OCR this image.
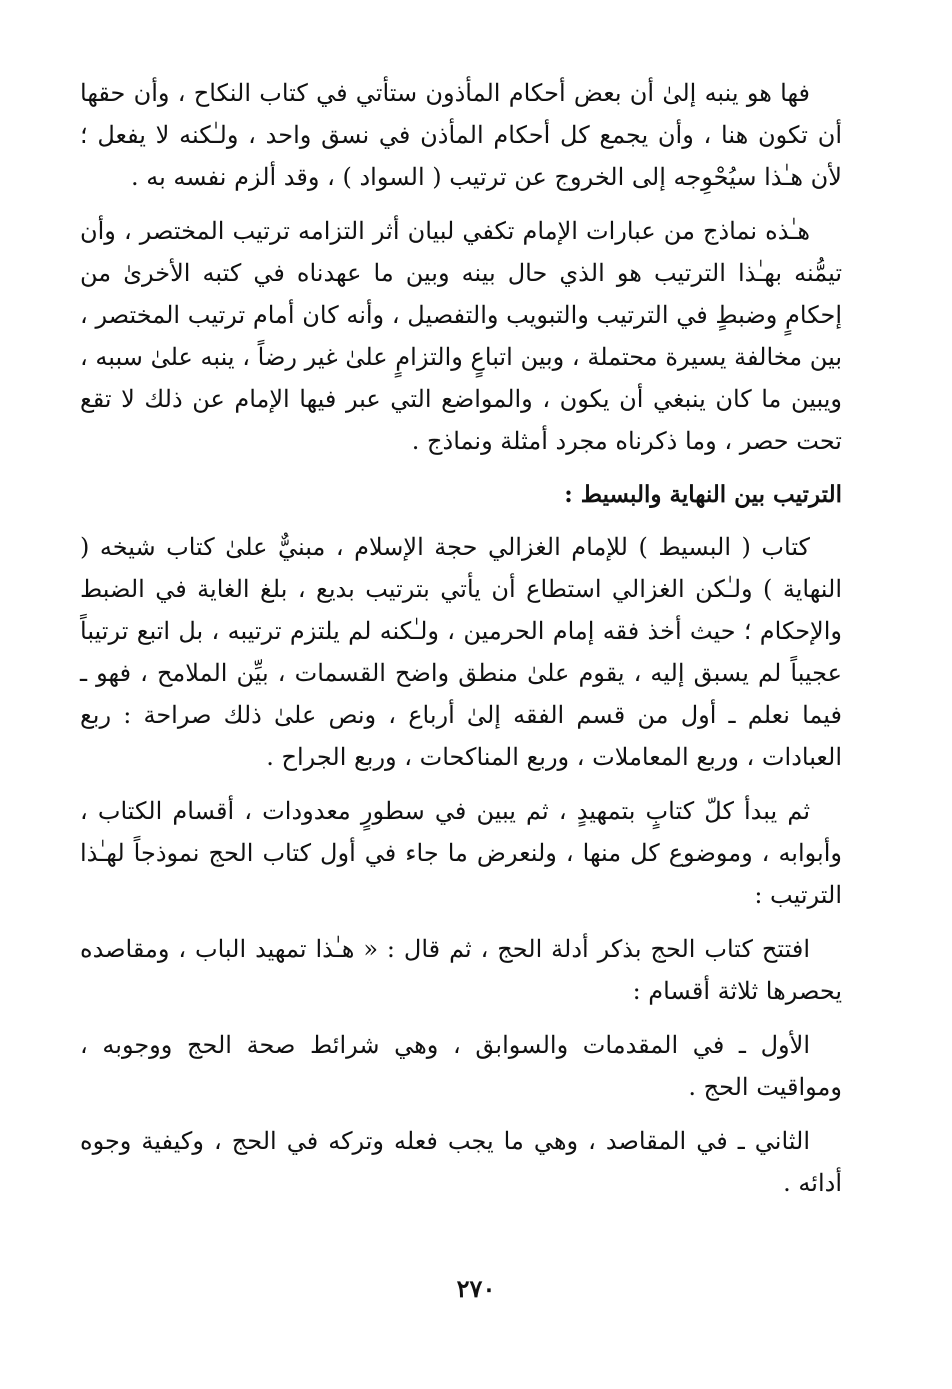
فها هو ينبه إلىٰ أن بعض أحكام المأذون ستأتي في كتاب النكاح ، وأن حقها أن تكون هنا ، وأن يجمع كل أحكام المأذن في نسق واحد ، ولـٰكنه لا يفعل ؛ لأن هـٰذا سيُحْوِجه إلى الخروج عن ترتيب ( السواد ) ، وقد ألزم نفسه به .

هـٰذه نماذج من عبارات الإمام تكفي لبيان أثر التزامه ترتيب المختصر ، وأن تيمُّنه بهـٰذا الترتيب هو الذي حال بينه وبين ما عهدناه في كتبه الأخرىٰ من إحكامٍ وضبطٍ في الترتيب والتبويب والتفصيل ، وأنه كان أمام ترتيب المختصر ، بين مخالفة يسيرة محتملة ، وبين اتباعٍ والتزامٍ علىٰ غير رضاً ، ينبه علىٰ سببه ، ويبين ما كان ينبغي أن يكون ، والمواضع التي عبر فيها الإمام عن ذلك لا تقع تحت حصر ، وما ذكرناه مجرد أمثلة ونماذج .

الترتيب بين النهاية والبسيط :

كتاب ( البسيط ) للإمام الغزالي حجة الإسلام ، مبنيٌّ علىٰ كتاب شيخه ( النهاية ) ولـٰكن الغزالي استطاع أن يأتي بترتيب بديع ، بلغ الغاية في الضبط والإحكام ؛ حيث أخذ فقه إمام الحرمين ، ولـٰكنه لم يلتزم ترتيبه ، بل اتبع ترتيباً عجيباً لم يسبق إليه ، يقوم علىٰ منطق واضح القسمات ، بيِّن الملامح ، فهو ـ فيما نعلم ـ أول من قسم الفقه إلىٰ أرباع ، ونص علىٰ ذلك صراحة : ربع العبادات ، وربع المعاملات ، وربع المناكحات ، وربع الجراح .

ثم يبدأ كلّ كتابٍ بتمهيدٍ ، ثم يبين في سطورٍ معدودات ، أقسام الكتاب ، وأبوابه ، وموضوع كل منها ، ولنعرض ما جاء في أول كتاب الحج نموذجاً لهـٰذا الترتيب :

افتتح كتاب الحج بذكر أدلة الحج ، ثم قال : « هـٰذا تمهيد الباب ، ومقاصده يحصرها ثلاثة أقسام :

الأول ـ في المقدمات والسوابق ، وهي شرائط صحة الحج ووجوبه ، ومواقيت الحج .

الثاني ـ في المقاصد ، وهي ما يجب فعله وتركه في الحج ، وكيفية وجوه أدائه .

٢٧٠
